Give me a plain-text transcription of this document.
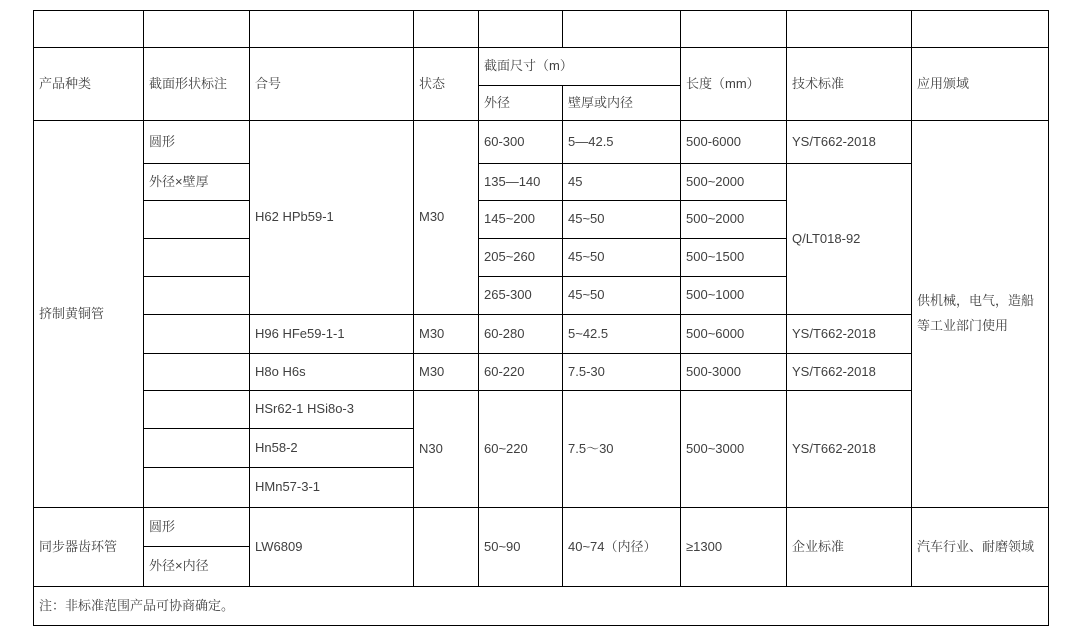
产品种类	截面形状标注	合号	状态	截面尺寸（m）		长度（mm）	技术标准	应用颁域
				外径	壁厚或内径			
挤制黄铜管	圆形	H62 HPb59-1	M30	60-300	5—42.5	500-6000	YS/T662-2018	供机械，电气，造船等工业部门使用
	外径×壁厚			135—140	45	500~2000	Q/LT018-92	
				145~200	45~50	500~2000		
				205~260	45~50	500~1500		
				265-300	45~50	500~1000		
		H96 HFe59-1-1	M30	60-280	5~42.5	500~6000	YS/T662-2018	
		H8o H6s	M30	60-220	7.5-30	500-3000	YS/T662-2018	
		HSr62-1 HSi8o-3	N30	60~220	7.5～30	500~3000	YS/T662-2018	
		Hn58-2						
		HMn57-3-1						
同步器齿环管	圆形	LW6809		50~90	40~74（内径）	≥1300	企业标准	汽车行业、耐磨领域
	外径×内径							
注：非标准范围产品可协商确定。								
